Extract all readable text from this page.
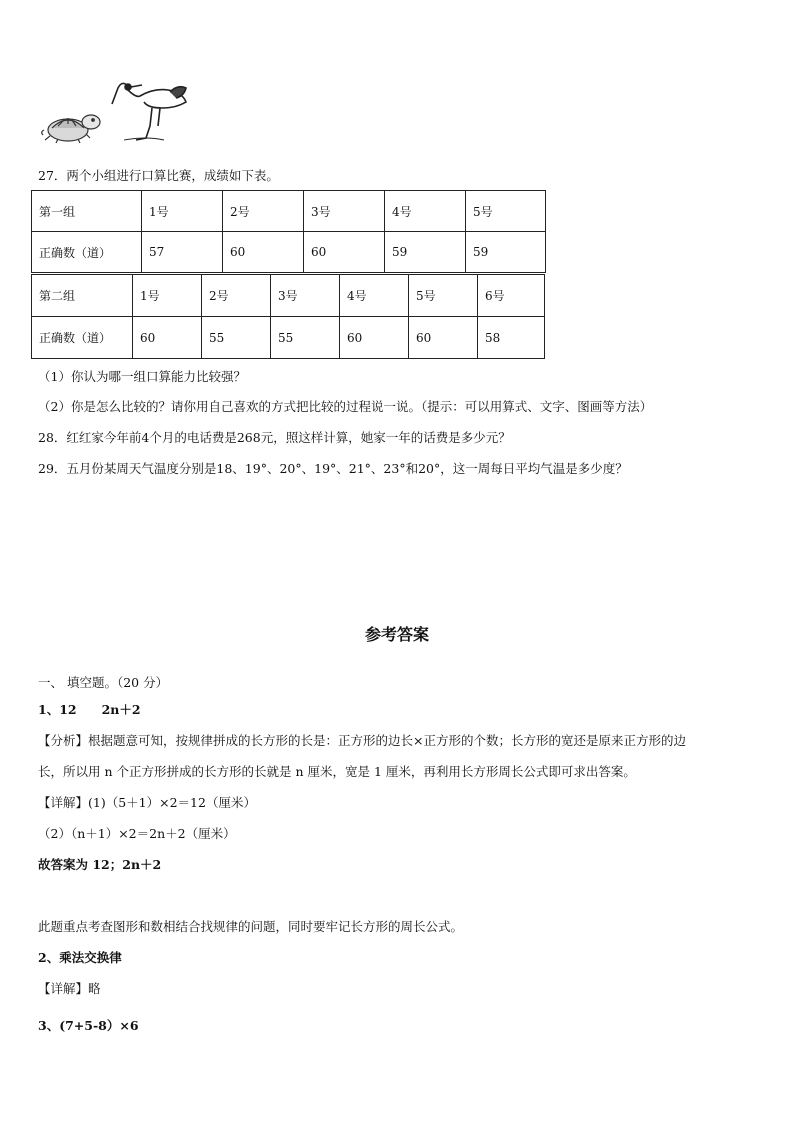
27．两个小组进行口算比赛，成绩如下表。
第一组	1号	2号	3号	4号	5号
正确数（道）	57	60	60	59	59
第二组	1号	2号	3号	4号	5号	6号
正确数（道）	60	55	55	60	60	58
（1）你认为哪一组口算能力比较强？
（2）你是怎么比较的？请你用自己喜欢的方式把比较的过程说一说。（提示：可以用算式、文字、图画等方法）
28．红红家今年前4个月的电话费是268元，照这样计算，她家一年的话费是多少元？
29．五月份某周天气温度分别是18、19°、20°、19°、21°、23°和20°，这一周每日平均气温是多少度？
参考答案
一、 填空题。（20 分）
1、12　　2n＋2
【分析】根据题意可知，按规律拼成的长方形的长是：正方形的边长×正方形的个数；长方形的宽还是原来正方形的边
长，所以用 n 个正方形拼成的长方形的长就是 n 厘米，宽是 1 厘米，再利用长方形周长公式即可求出答案。
【详解】(1)（5＋1）×2＝12（厘米）
（2）（n＋1）×2＝2n＋2（厘米）
故答案为 12；2n＋2
此题重点考查图形和数相结合找规律的问题，同时要牢记长方形的周长公式。
2、乘法交换律
【详解】略
3、(7+5-8）×6
